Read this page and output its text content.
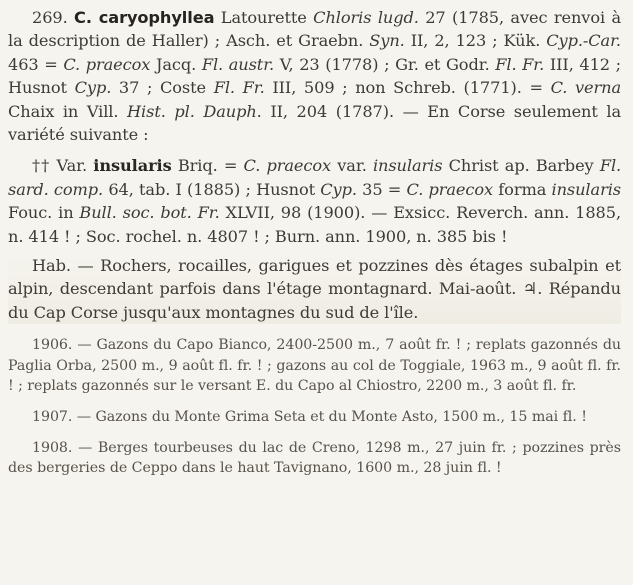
269. C. caryophyllea Latourette Chloris lugd. 27 (1785, avec renvoi à la description de Haller) ; Asch. et Graebn. Syn. II, 2, 123 ; Kük. Cyp.-Car. 463 = C. praecox Jacq. Fl. austr. V, 23 (1778) ; Gr. et Godr. Fl. Fr. III, 412 ; Husnot Cyp. 37 ; Coste Fl. Fr. III, 509 ; non Schreb. (1771). = C. verna Chaix in Vill. Hist. pl. Dauph. II, 204 (1787). — En Corse seulement la variété suivante :

†† Var. insularis Briq. = C. praecox var. insularis Christ ap. Barbey Fl. sard. comp. 64, tab. I (1885) ; Husnot Cyp. 35 = C. praecox forma insularis Fouc. in Bull. soc. bot. Fr. XLVII, 98 (1900). — Exsicc. Reverch. ann. 1885, n. 414 ! ; Soc. rochel. n. 4807 ! ; Burn. ann. 1900, n. 385 bis !

Hab. — Rochers, rocailles, garigues et pozzines dès étages subalpin et alpin, descendant parfois dans l'étage montagnard. Mai-août. ♃. Répandu du Cap Corse jusqu'aux montagnes du sud de l'île.

1906. — Gazons du Capo Bianco, 2400-2500 m., 7 août fr. ! ; replats gazonnés du Paglia Orba, 2500 m., 9 août fl. fr. ! ; gazons au col de Toggiale, 1963 m., 9 août fl. fr. ! ; replats gazonnés sur le versant E. du Capo al Chiostro, 2200 m., 3 août fl. fr.

1907. — Gazons du Monte Grima Seta et du Monte Asto, 1500 m., 15 mai fl. !

1908. — Berges tourbeuses du lac de Creno, 1298 m., 27 juin fr. ; pozzines près des bergeries de Ceppo dans le haut Tavignano, 1600 m., 28 juin fl. !
